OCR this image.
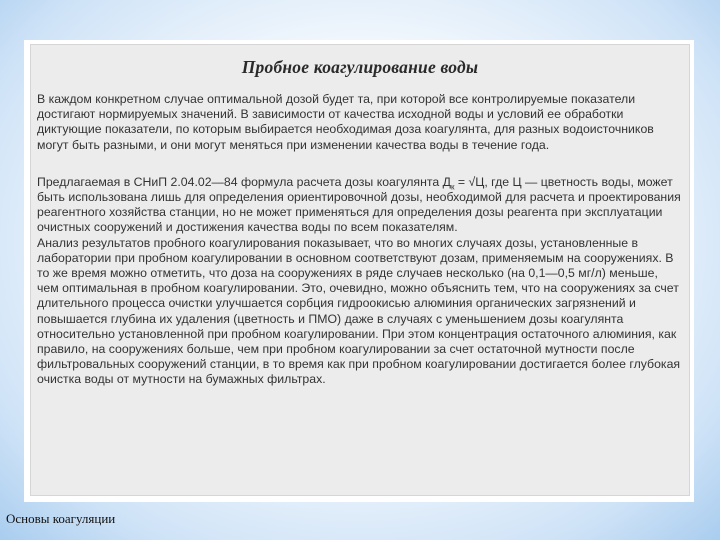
Пробное коагулирование воды

В каждом конкретном случае оптимальной дозой будет та, при которой все контролируемые показатели достигают нормируемых значений. В зависимости от качества исходной воды и условий ее обработки диктующие показатели, по которым выбирается необходимая доза коагулянта, для разных водоисточников могут быть разными, и они могут меняться при изменении качества воды в течение года.

Предлагаемая в СНиП 2.04.02—84 формула расчета дозы коагулянта $Д_к = √Ц$, где Ц — цветность воды, может быть использована лишь для определения ориентировочной дозы, необходимой для расчета и проектирования реагентного хозяйства станции, но не может применяться для определения дозы реагента при эксплуатации очистных сооружений и достижения качества воды по всем показателям.

Анализ результатов пробного коагулирования показывает, что во многих случаях дозы, установленные в лаборатории при пробном коагулировании в основном соответствуют дозам, применяемым на сооружениях. В то же время можно отметить, что доза на сооружениях в ряде случаев несколько (на 0,1—0,5 мг/л) меньше, чем оптимальная в пробном коагулировании. Это, очевидно, можно объяснить тем, что на сооружениях за счет длительного процесса очистки улучшается сорбция гидроокисью алюминия органических загрязнений и повышается глубина их удаления (цветность и ПМО) даже в случаях с уменьшением дозы коагулянта относительно установленной при пробном коагулировании. При этом концентрация остаточного алюминия, как правило, на сооружениях больше, чем при пробном коагулировании за счет остаточной мутности после фильтровальных сооружений станции, в то время как при пробном коагулировании достигается более глубокая очистка воды от мутности на бумажных фильтрах.

Основы коагуляции
